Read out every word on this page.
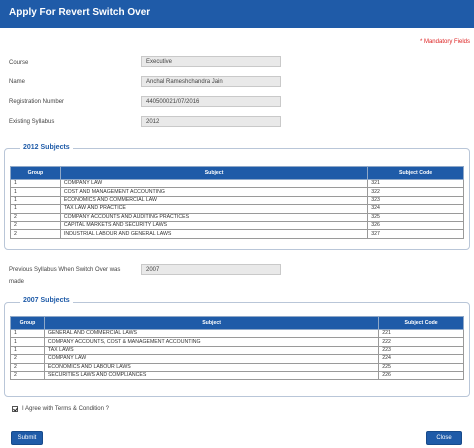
Apply For Revert Switch Over
* Mandatory Fields
Course	Executive
Name	Anchal Rameshchandra Jain
Registration Number	440500021/07/2016
Existing Syllabus	2012
2012 Subjects
Group	Subject	Subject Code
1	COMPANY LAW	321
1	COST AND MANAGEMENT ACCOUNTING	322
1	ECONOMICS AND COMMERCIAL LAW	323
1	TAX LAW AND PRACTICE	324
2	COMPANY ACCOUNTS AND AUDITING PRACTICES	325
2	CAPITAL MARKETS AND SECURITY LAWS	326
2	INDUSTRIAL LABOUR AND GENERAL LAWS	327
Previous Syllabus When Switch Over was
made
2007
2007 Subjects
Group	Subject	Subject Code
1	GENERAL AND COMMERCIAL LAWS	221
1	COMPANY ACCOUNTS, COST & MANAGEMENT ACCOUNTING	222
1	TAX LAWS	223
2	COMPANY LAW	224
2	ECONOMICS AND LABOUR LAWS	225
2	SECURITIES LAWS AND COMPLIANCES	226
I Agree with Terms & Condition ?
Submit	Close
